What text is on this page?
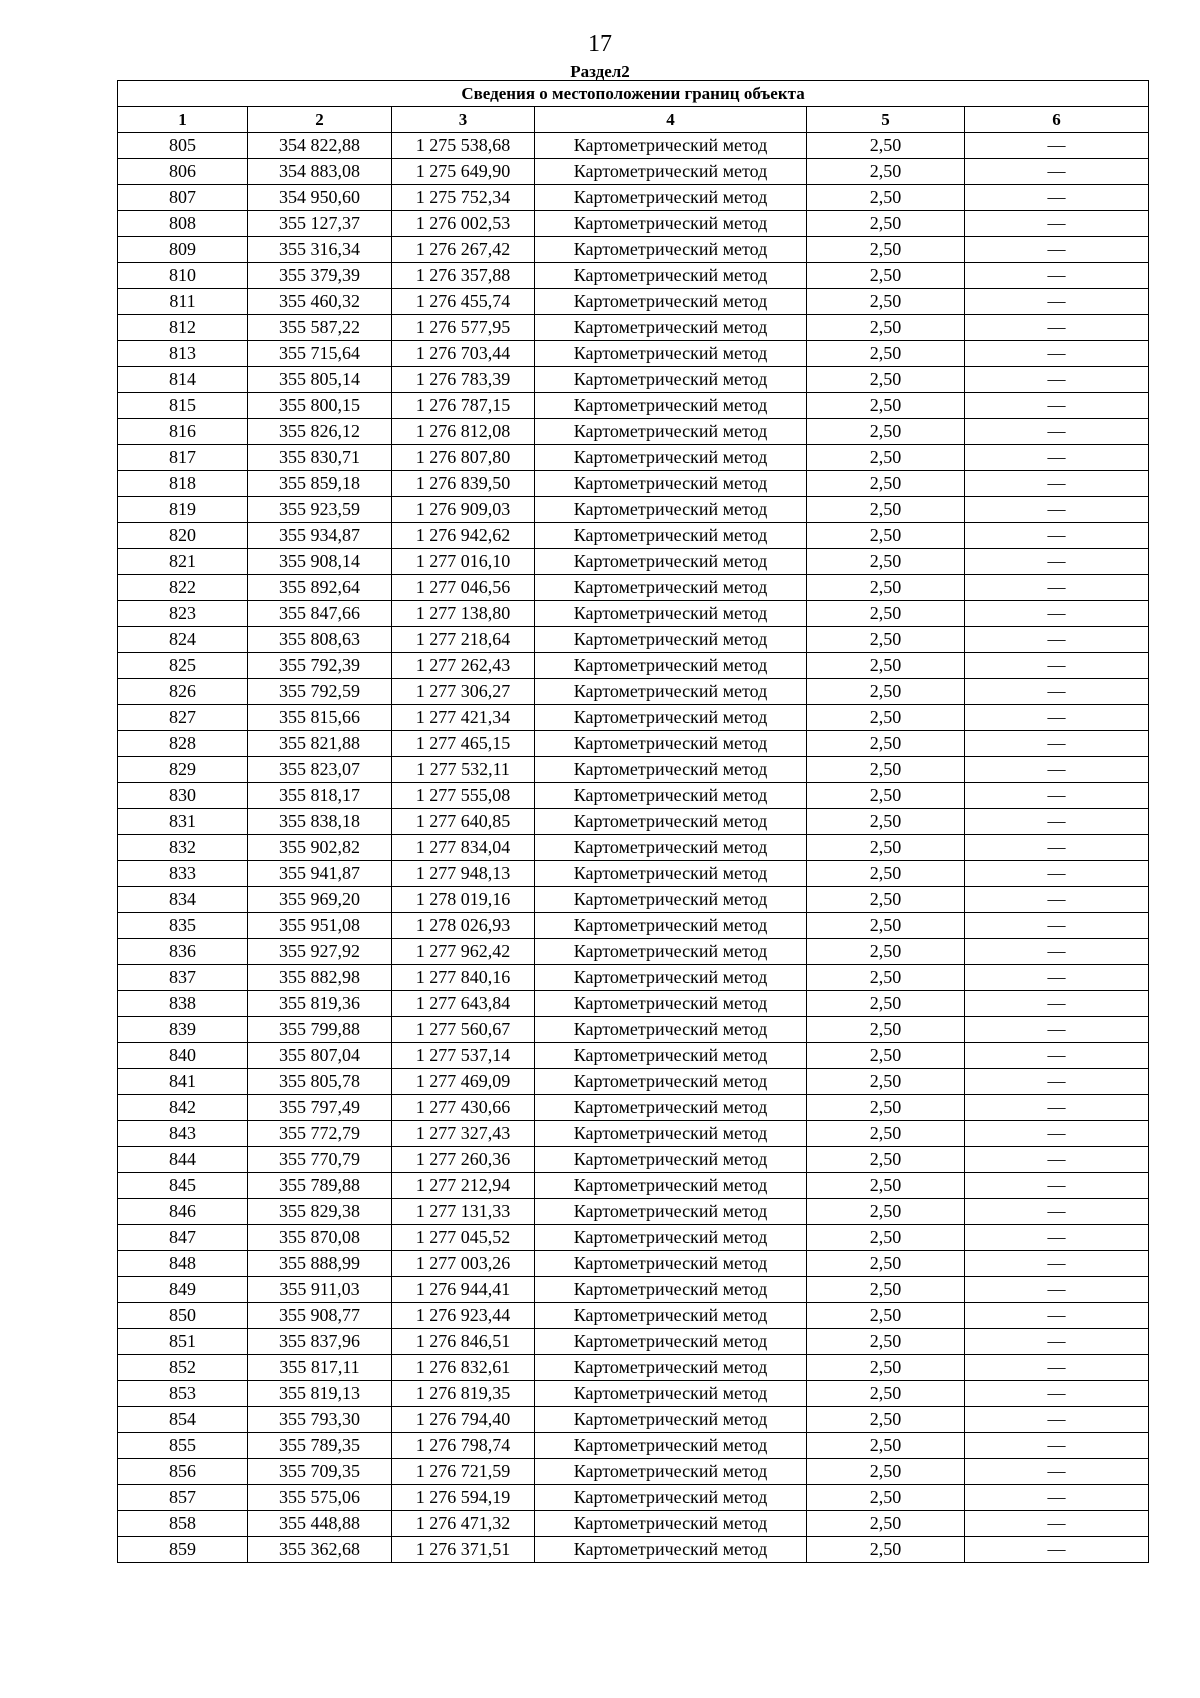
17
Раздел2
Сведения о местоположении границ объекта					
1	2	3	4	5	6
805	354 822,88	1 275 538,68	Картометрический метод	2,50	—
806	354 883,08	1 275 649,90	Картометрический метод	2,50	—
807	354 950,60	1 275 752,34	Картометрический метод	2,50	—
808	355 127,37	1 276 002,53	Картометрический метод	2,50	—
809	355 316,34	1 276 267,42	Картометрический метод	2,50	—
810	355 379,39	1 276 357,88	Картометрический метод	2,50	—
811	355 460,32	1 276 455,74	Картометрический метод	2,50	—
812	355 587,22	1 276 577,95	Картометрический метод	2,50	—
813	355 715,64	1 276 703,44	Картометрический метод	2,50	—
814	355 805,14	1 276 783,39	Картометрический метод	2,50	—
815	355 800,15	1 276 787,15	Картометрический метод	2,50	—
816	355 826,12	1 276 812,08	Картометрический метод	2,50	—
817	355 830,71	1 276 807,80	Картометрический метод	2,50	—
818	355 859,18	1 276 839,50	Картометрический метод	2,50	—
819	355 923,59	1 276 909,03	Картометрический метод	2,50	—
820	355 934,87	1 276 942,62	Картометрический метод	2,50	—
821	355 908,14	1 277 016,10	Картометрический метод	2,50	—
822	355 892,64	1 277 046,56	Картометрический метод	2,50	—
823	355 847,66	1 277 138,80	Картометрический метод	2,50	—
824	355 808,63	1 277 218,64	Картометрический метод	2,50	—
825	355 792,39	1 277 262,43	Картометрический метод	2,50	—
826	355 792,59	1 277 306,27	Картометрический метод	2,50	—
827	355 815,66	1 277 421,34	Картометрический метод	2,50	—
828	355 821,88	1 277 465,15	Картометрический метод	2,50	—
829	355 823,07	1 277 532,11	Картометрический метод	2,50	—
830	355 818,17	1 277 555,08	Картометрический метод	2,50	—
831	355 838,18	1 277 640,85	Картометрический метод	2,50	—
832	355 902,82	1 277 834,04	Картометрический метод	2,50	—
833	355 941,87	1 277 948,13	Картометрический метод	2,50	—
834	355 969,20	1 278 019,16	Картометрический метод	2,50	—
835	355 951,08	1 278 026,93	Картометрический метод	2,50	—
836	355 927,92	1 277 962,42	Картометрический метод	2,50	—
837	355 882,98	1 277 840,16	Картометрический метод	2,50	—
838	355 819,36	1 277 643,84	Картометрический метод	2,50	—
839	355 799,88	1 277 560,67	Картометрический метод	2,50	—
840	355 807,04	1 277 537,14	Картометрический метод	2,50	—
841	355 805,78	1 277 469,09	Картометрический метод	2,50	—
842	355 797,49	1 277 430,66	Картометрический метод	2,50	—
843	355 772,79	1 277 327,43	Картометрический метод	2,50	—
844	355 770,79	1 277 260,36	Картометрический метод	2,50	—
845	355 789,88	1 277 212,94	Картометрический метод	2,50	—
846	355 829,38	1 277 131,33	Картометрический метод	2,50	—
847	355 870,08	1 277 045,52	Картометрический метод	2,50	—
848	355 888,99	1 277 003,26	Картометрический метод	2,50	—
849	355 911,03	1 276 944,41	Картометрический метод	2,50	—
850	355 908,77	1 276 923,44	Картометрический метод	2,50	—
851	355 837,96	1 276 846,51	Картометрический метод	2,50	—
852	355 817,11	1 276 832,61	Картометрический метод	2,50	—
853	355 819,13	1 276 819,35	Картометрический метод	2,50	—
854	355 793,30	1 276 794,40	Картометрический метод	2,50	—
855	355 789,35	1 276 798,74	Картометрический метод	2,50	—
856	355 709,35	1 276 721,59	Картометрический метод	2,50	—
857	355 575,06	1 276 594,19	Картометрический метод	2,50	—
858	355 448,88	1 276 471,32	Картометрический метод	2,50	—
859	355 362,68	1 276 371,51	Картометрический метод	2,50	—
